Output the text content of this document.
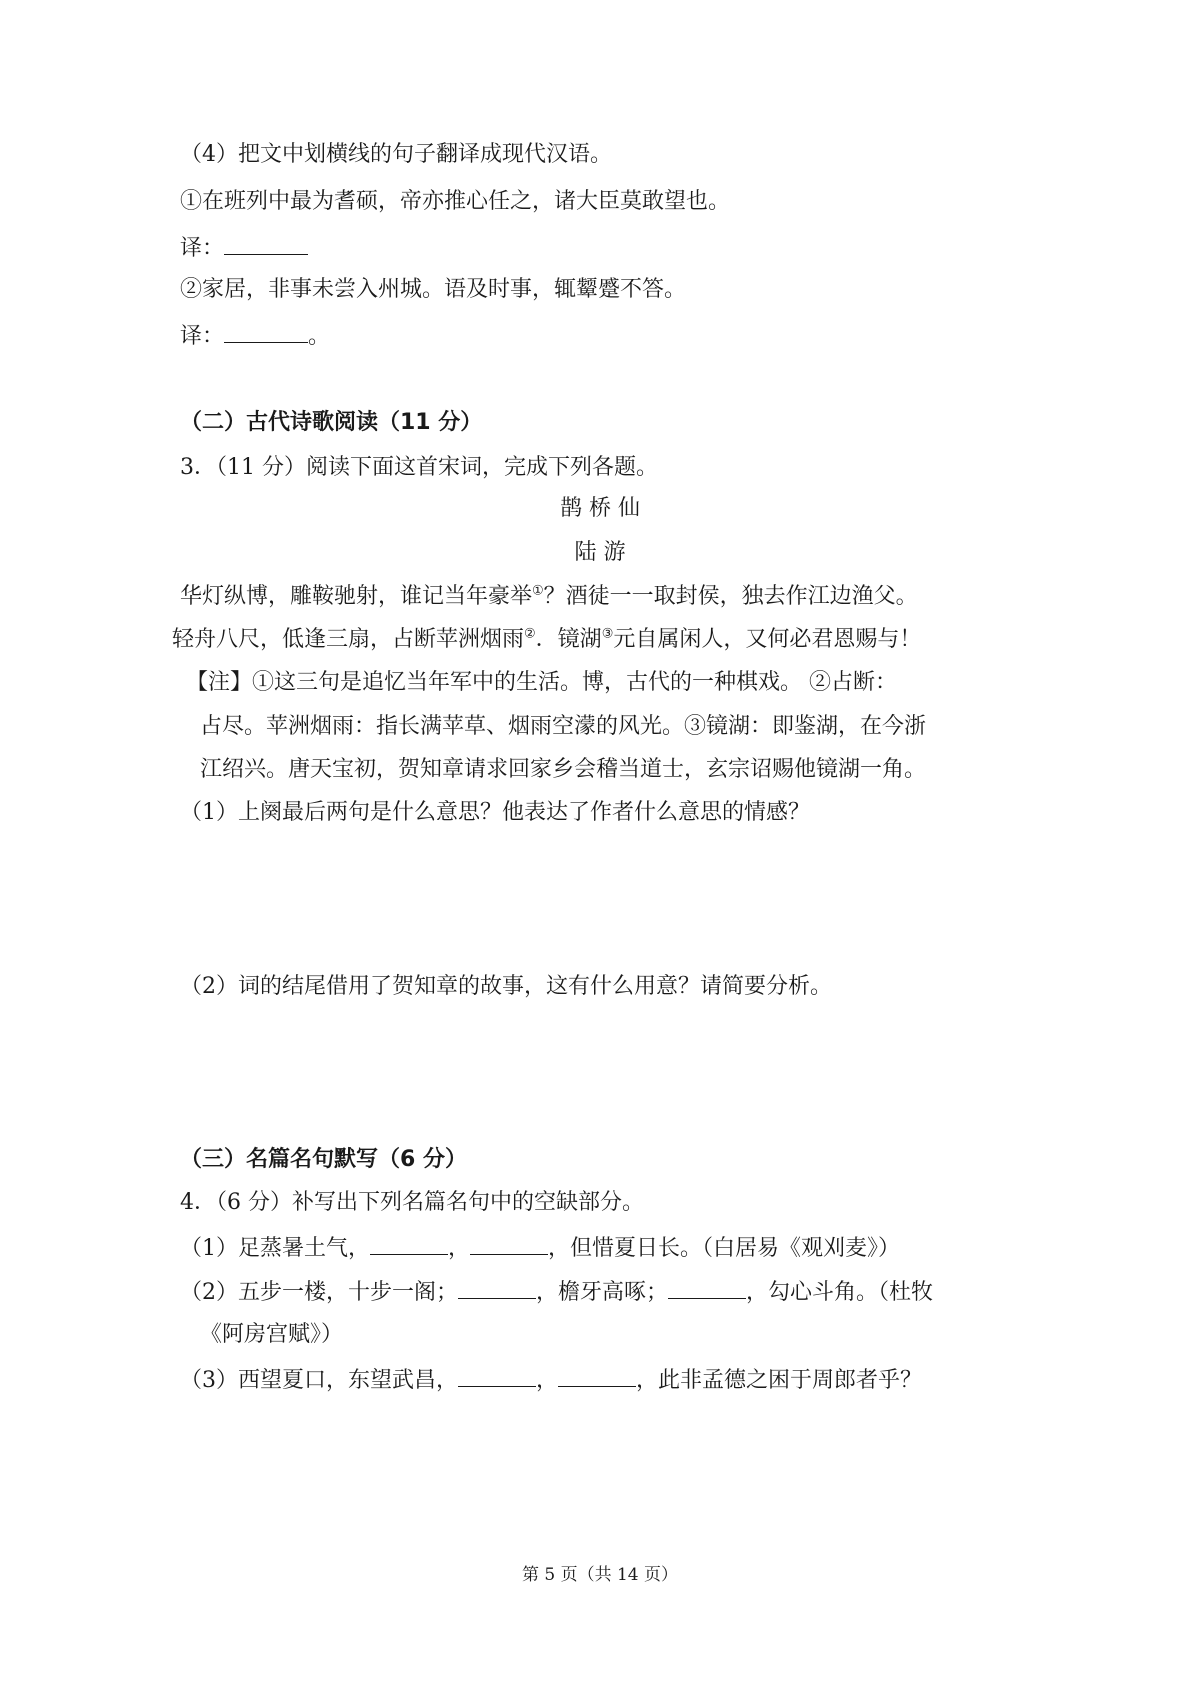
（4）把文中划横线的句子翻译成现代汉语。
①在班列中最为耆硕，帝亦推心任之，诸大臣莫敢望也。
译：
②家居，非事未尝入州城。语及时事，辄颦蹙不答。
译：	。
（二）古代诗歌阅读（11 分）
3．（11 分）阅读下面这首宋词，完成下列各题。
鹊 桥 仙
陆 游
华灯纵博，雕鞍驰射，谁记当年豪举①？酒徒一一取封侯，独去作江边渔父。
轻舟八尺，低逢三扇，占断苹洲烟雨②．镜湖③元自属闲人，又何必君恩赐与！
【注】①这三句是追忆当年军中的生活。博，古代的一种棋戏。 ②占断：
占尽。苹洲烟雨：指长满苹草、烟雨空濛的风光。③镜湖：即鉴湖，在今浙
江绍兴。唐天宝初，贺知章请求回家乡会稽当道士，玄宗诏赐他镜湖一角。
（1）上阕最后两句是什么意思？他表达了作者什么意思的情感？
（2）词的结尾借用了贺知章的故事，这有什么用意？请简要分析。
（三）名篇名句默写（6 分）
4．（6 分）补写出下列名篇名句中的空缺部分。
（1）足蒸暑土气，	，	，但惜夏日长。（白居易《观刈麦》）
（2）五步一楼，十步一阁；	，檐牙高啄；	，勾心斗角。（杜牧
《阿房宫赋》）
（3）西望夏口，东望武昌，	，	，此非孟德之困于周郎者乎？
第 5 页（共 14 页）
